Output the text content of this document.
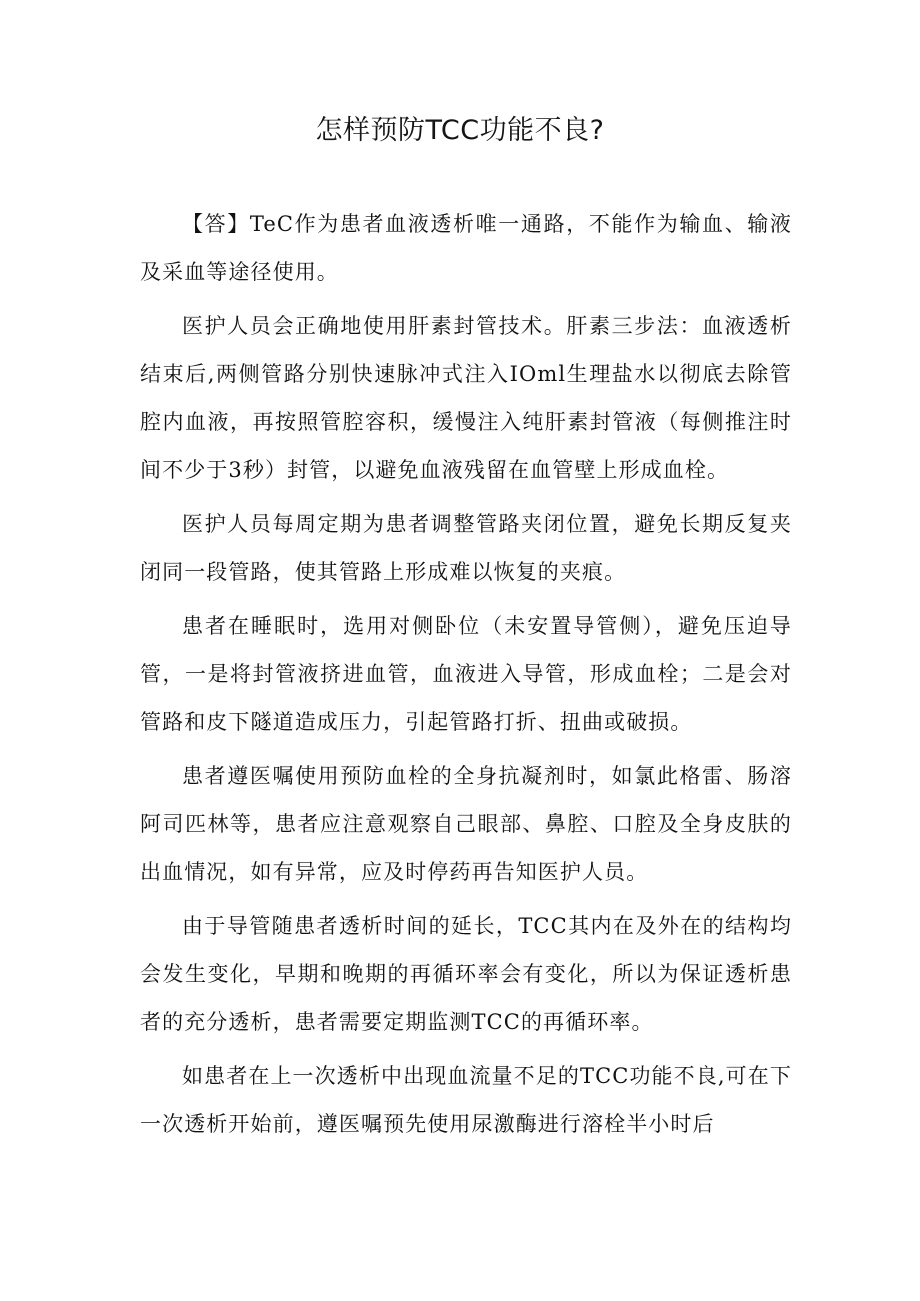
怎样预防TCC功能不良?

【答】TeC作为患者血液透析唯一通路，不能作为输血、输液及采血等途径使用。

医护人员会正确地使用肝素封管技术。肝素三步法：血液透析结束后,两侧管路分别快速脉冲式注入IOml生理盐水以彻底去除管腔内血液，再按照管腔容积，缓慢注入纯肝素封管液（每侧推注时间不少于3秒）封管，以避免血液残留在血管壁上形成血栓。

医护人员每周定期为患者调整管路夹闭位置，避免长期反复夹闭同一段管路，使其管路上形成难以恢复的夹痕。

患者在睡眠时，选用对侧卧位（未安置导管侧），避免压迫导管，一是将封管液挤进血管，血液进入导管，形成血栓；二是会对管路和皮下隧道造成压力，引起管路打折、扭曲或破损。

患者遵医嘱使用预防血栓的全身抗凝剂时，如氯此格雷、肠溶阿司匹林等，患者应注意观察自己眼部、鼻腔、口腔及全身皮肤的出血情况，如有异常，应及时停药再告知医护人员。

由于导管随患者透析时间的延长，TCC其内在及外在的结构均会发生变化，早期和晚期的再循环率会有变化，所以为保证透析患者的充分透析，患者需要定期监测TCC的再循环率。

如患者在上一次透析中出现血流量不足的TCC功能不良,可在下一次透析开始前，遵医嘱预先使用尿激酶进行溶栓半小时后
